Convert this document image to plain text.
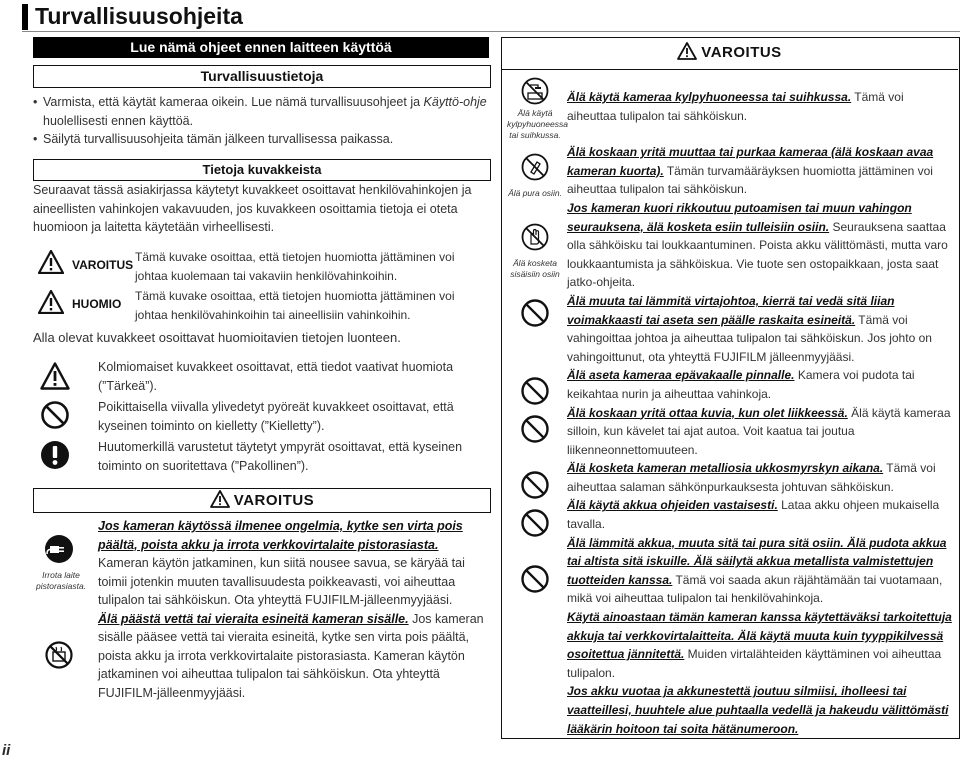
Turvallisuusohjeita
Lue nämä ohjeet ennen laitteen käyttöä
Turvallisuustietoja
• Varmista, että käytät kameraa oikein. Lue nämä turvallisuusohjeet ja Käyttö-ohje huolellisesti ennen käyttöä.
• Säilytä turvallisuusohjeita tämän jälkeen turvallisessa paikassa.
Tietoja kuvakkeista
Seuraavat tässä asiakirjassa käytetyt kuvakkeet osoittavat henkilövahinkojen ja aineellisten vahinkojen vakavuuden, jos kuvakkeen osoittamia tietoja ei oteta huomioon ja laitetta käytetään virheellisesti.
VAROITUS
Tämä kuvake osoittaa, että tietojen huomiotta jättäminen voi johtaa kuolemaan tai vakaviin henkilövahinkoihin.
HUOMIO
Tämä kuvake osoittaa, että tietojen huomiotta jättäminen voi johtaa henkilövahinkoihin tai aineellisiin vahinkoihin.
Alla olevat kuvakkeet osoittavat huomioitavien tietojen luonteen.
Kolmiomaiset kuvakkeet osoittavat, että tiedot vaativat huomiota (”Tärkeä”).
Poikittaisella viivalla ylivedetyt pyöreät kuvakkeet osoittavat, että kyseinen toiminto on kielletty (”Kielletty”).
Huutomerkillä varustetut täytetyt ympyrät osoittavat, että kyseinen toiminto on suoritettava (”Pakollinen”).
VAROITUS
Irrota laite pistorasiasta.
Jos kameran käytössä ilmenee ongelmia, kytke sen virta pois päältä, poista akku ja irrota verkkovirtalaite pistorasiasta. Kameran käytön jatkaminen, kun siitä nousee savua, se käryää tai toimii jotenkin muuten tavallisuudesta poikkeavasti, voi aiheuttaa tulipalon tai sähköiskun. Ota yhteyttä FUJIFILM-jälleenmyyjääsi.
Älä päästä vettä tai vieraita esineitä kameran sisälle. Jos kameran sisälle pääsee vettä tai vieraita esineitä, kytke sen virta pois päältä, poista akku ja irrota verkkovirtalaite pistorasiasta. Kameran käytön jatkaminen voi aiheuttaa tulipalon tai sähköiskun. Ota yhteyttä FUJIFILM-jälleenmyyjääsi.
VAROITUS
Älä käytä kylpyhuoneessa tai suihkussa.
Älä pura osiin.
Älä kosketa sisäisiin osiin

Älä käytä kameraa kylpyhuoneessa tai suihkussa. Tämä voi aiheuttaa tulipalon tai sähköiskun.

Älä koskaan yritä muuttaa tai purkaa kameraa (älä koskaan avaa kameran kuorta). Tämän turvamääräyksen huomiotta jättäminen voi aiheuttaa tulipalon tai sähköiskun.

Jos kameran kuori rikkoutuu putoamisen tai muun vahingon seurauksena, älä kosketa esiin tulleisiin osiin. Seurauksena saattaa olla sähköisku tai loukkaantuminen. Poista akku välittömästi, mutta varo loukkaantumista ja sähköiskua. Vie tuote sen ostopaikkaan, josta saat jatko-ohjeita.

Älä muuta tai lämmitä virtajohtoa, kierrä tai vedä sitä liian voimakkaasti tai aseta sen päälle raskaita esineitä. Tämä voi vahingoittaa johtoa ja aiheuttaa tulipalon tai sähköiskun. Jos johto on vahingoittunut, ota yhteyttä FUJIFILM jälleenmyyjääsi.

Älä aseta kameraa epävakaalle pinnalle. Kamera voi pudota tai keikahtaa nurin ja aiheuttaa vahinkoja.

Älä koskaan yritä ottaa kuvia, kun olet liikkeessä. Älä käytä kameraa silloin, kun kävelet tai ajat autoa. Voit kaatua tai joutua liikenneonnettomuuteen.

Älä kosketa kameran metalliosia ukkosmyrskyn aikana. Tämä voi aiheuttaa salaman sähkönpurkauksesta johtuvan sähköiskun.

Älä käytä akkua ohjeiden vastaisesti. Lataa akku ohjeen mukaisella tavalla.

Älä lämmitä akkua, muuta sitä tai pura sitä osiin. Älä pudota akkua tai altista sitä iskuille. Älä säilytä akkua metallista valmistettujen tuotteiden kanssa. Tämä voi saada akun räjähtämään tai vuotamaan, mikä voi aiheuttaa tulipalon tai henkilövahinkoja.

Käytä ainoastaan tämän kameran kanssa käytettäväksi tarkoitettuja akkuja tai verkkovirtalaitteita. Älä käytä muuta kuin tyyppikilvessä osoitettua jännitettä. Muiden virtalähteiden käyttäminen voi aiheuttaa tulipalon.

Jos akku vuotaa ja akkunestettä joutuu silmiisi, iholleesi tai vaatteillesi, huuhtele alue puhtaalla vedellä ja hakeudu välittömästi lääkärin hoitoon tai soita hätänumeroon.

ii
